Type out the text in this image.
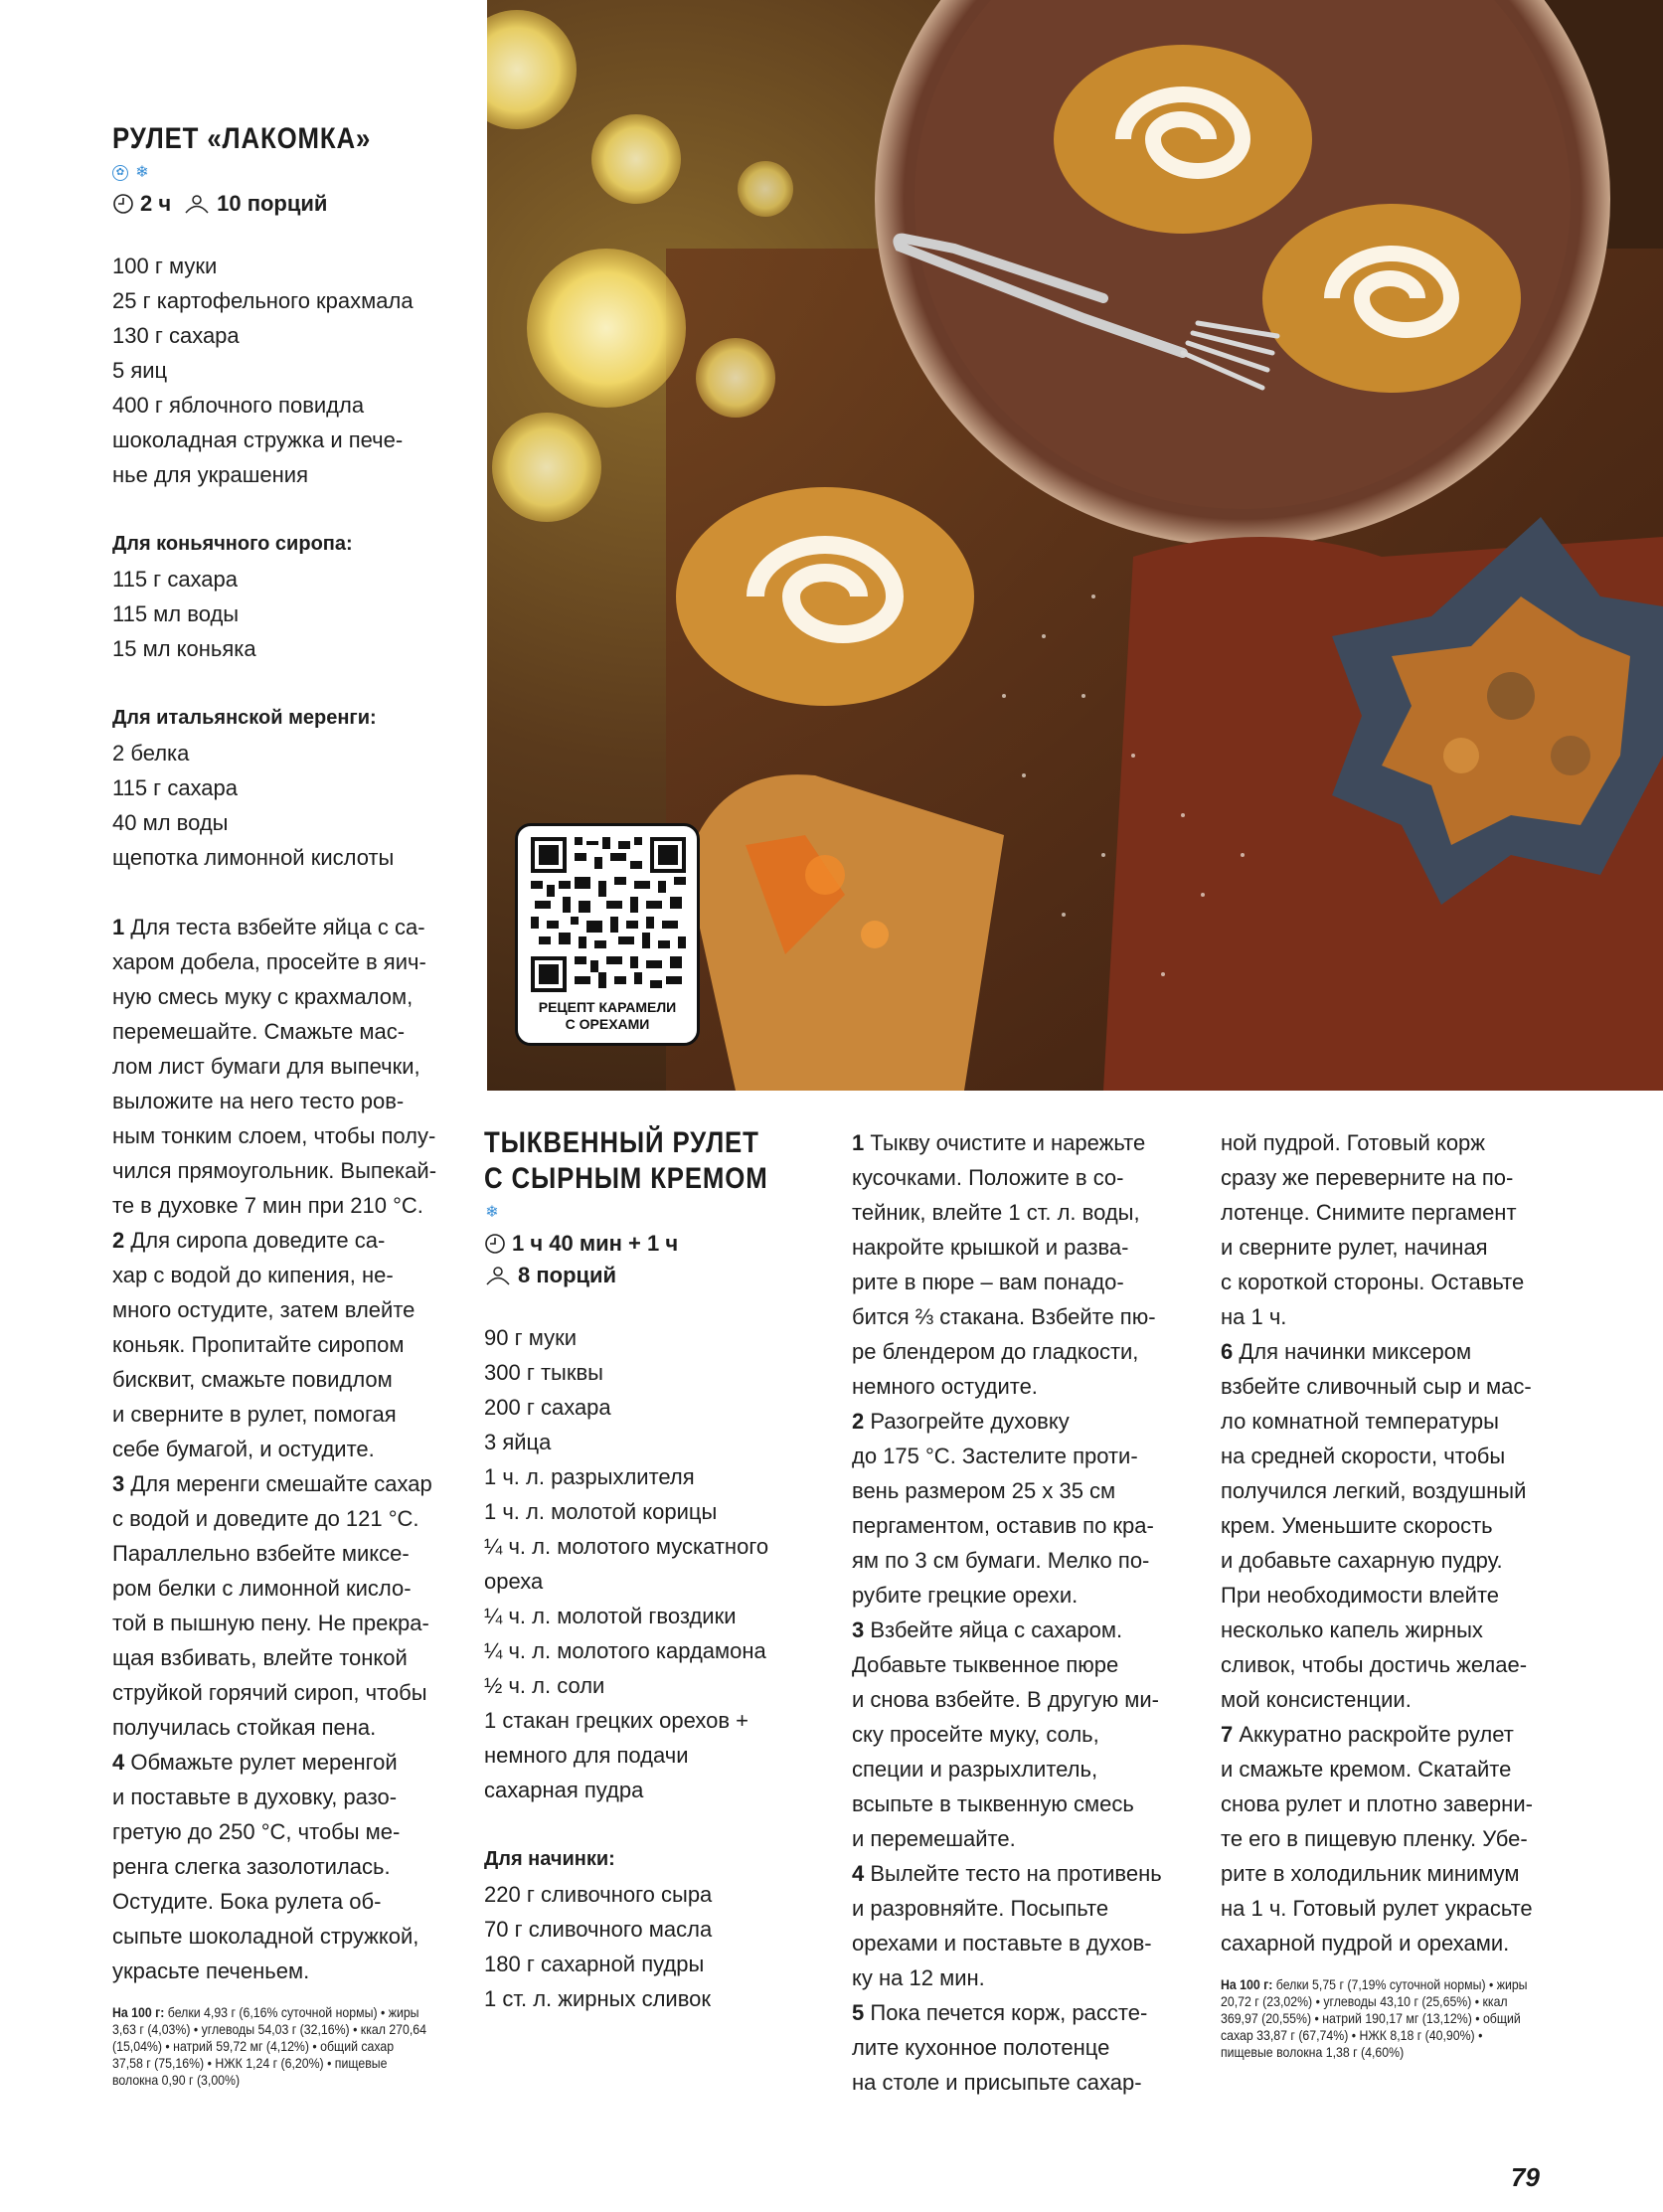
РУЛЕТ «ЛАКОМКА»
✿ ❄
2 ч 10 порций
100 г муки
25 г картофельного крахмала
130 г сахара
5 яиц
400 г яблочного повидла
шоколадная стружка и пече-
нье для украшения
Для коньячного сиропа:
115 г сахара
115 мл воды
15 мл коньяка
Для итальянской меренги:
2 белка
115 г сахара
40 мл воды
щепотка лимонной кислоты
1 Для теста взбейте яйца с са-
харом добела, просейте в яич-
ную смесь муку с крахмалом,
перемешайте. Смажьте мас-
лом лист бумаги для выпечки,
выложите на него тесто ров-
ным тонким слоем, чтобы полу-
чился прямоугольник. Выпекай-
те в духовке 7 мин при 210 °С.
2 Для сиропа доведите са-
хар с водой до кипения, не-
много остудите, затем влейте
коньяк. Пропитайте сиропом
бисквит, смажьте повидлом
и сверните в рулет, помогая
себе бумагой, и остудите.
3 Для меренги смешайте сахар
с водой и доведите до 121 °С.
Параллельно взбейте миксе-
ром белки с лимонной кисло-
той в пышную пену. Не прекра-
щая взбивать, влейте тонкой
струйкой горячий сироп, чтобы
получилась стойкая пена.
4 Обмажьте рулет меренгой
и поставьте в духовку, разо-
гретую до 250 °С, чтобы ме-
ренга слегка зазолотилась.
Остудите. Бока рулета об-
сыпьте шоколадной стружкой,
украсьте печеньем.
На 100 г: белки 4,93 г (6,16% суточной нормы) • жиры 3,63 г (4,03%) • углеводы 54,03 г (32,16%) • ккал 270,64 (15,04%) • натрий 59,72 мг (4,12%) • общий сахар 37,58 г (75,16%) • НЖК 1,24 г (6,20%) • пищевые волокна 0,90 г (3,00%)
РЕЦЕПТ КАРАМЕЛИ
С ОРЕХАМИ
ТЫКВЕННЫЙ РУЛЕТ
С СЫРНЫМ КРЕМОМ
❄
1 ч 40 мин + 1 ч
8 порций
90 г муки
300 г тыквы
200 г сахара
3 яйца
1 ч. л. разрыхлителя
1 ч. л. молотой корицы
¼ ч. л. молотого мускатного
ореха
¼ ч. л. молотой гвоздики
¼ ч. л. молотого кардамона
½ ч. л. соли
1 стакан грецких орехов +
немного для подачи
сахарная пудра
Для начинки:
220 г сливочного сыра
70 г сливочного масла
180 г сахарной пудры
1 ст. л. жирных сливок
1 Тыкву очистите и нарежьте
кусочками. Положите в со-
тейник, влейте 1 ст. л. воды,
накройте крышкой и разва-
рите в пюре – вам понадо-
бится ⅔ стакана. Взбейте пю-
ре блендером до гладкости,
немного остудите.
2 Разогрейте духовку
до 175 °С. Застелите проти-
вень размером 25 x 35 см
пергаментом, оставив по кра-
ям по 3 см бумаги. Мелко по-
рубите грецкие орехи.
3 Взбейте яйца с сахаром.
Добавьте тыквенное пюре
и снова взбейте. В другую ми-
ску просейте муку, соль,
специи и разрыхлитель,
всыпьте в тыквенную смесь
и перемешайте.
4 Вылейте тесто на противень
и разровняйте. Посыпьте
орехами и поставьте в духов-
ку на 12 мин.
5 Пока печется корж, рассте-
лите кухонное полотенце
на столе и присыпьте сахар-
ной пудрой. Готовый корж
сразу же переверните на по-
лотенце. Снимите пергамент
и сверните рулет, начиная
с короткой стороны. Оставьте
на 1 ч.
6 Для начинки миксером
взбейте сливочный сыр и мас-
ло комнатной температуры
на средней скорости, чтобы
получился легкий, воздушный
крем. Уменьшите скорость
и добавьте сахарную пудру.
При необходимости влейте
несколько капель жирных
сливок, чтобы достичь желае-
мой консистенции.
7 Аккуратно раскройте рулет
и смажьте кремом. Скатайте
снова рулет и плотно заверни-
те его в пищевую пленку. Убе-
рите в холодильник минимум
на 1 ч. Готовый рулет украсьте
сахарной пудрой и орехами.
На 100 г: белки 5,75 г (7,19% суточной нормы) • жиры 20,72 г (23,02%) • углеводы 43,10 г (25,65%) • ккал 369,97 (20,55%) • натрий 190,17 мг (13,12%) • общий сахар 33,87 г (67,74%) • НЖК 8,18 г (40,90%) • пищевые волокна 1,38 г (4,60%)
79
